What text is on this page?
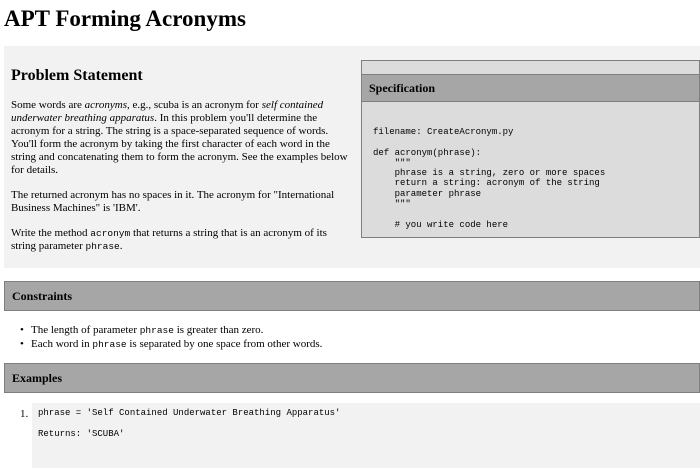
APT Forming Acronyms
Problem Statement

Some words are acronyms, e.g., scuba is an acronym for self contained underwater breathing apparatus. In this problem you'll determine the acronym for a string. The string is a space-separated sequence of words. You'll form the acronym by taking the first character of each word in the string and concatenating them to form the acronym. See the examples below for details.

The returned acronym has no spaces in it. The acronym for "International Business Machines" is 'IBM'.

Write the method acronym that returns a string that is an acronym of its string parameter phrase.

Specification
filename: CreateAcronym.py

def acronym(phrase):
"""
phrase is a string, zero or more spaces
return a string: acronym of the string
parameter phrase
"""

# you write code here
Constraints
• The length of parameter phrase is greater than zero.
• Each word in phrase is separated by one space from other words.
Examples
1. phrase = 'Self Contained Underwater Breathing Apparatus'

Returns: 'SCUBA'
